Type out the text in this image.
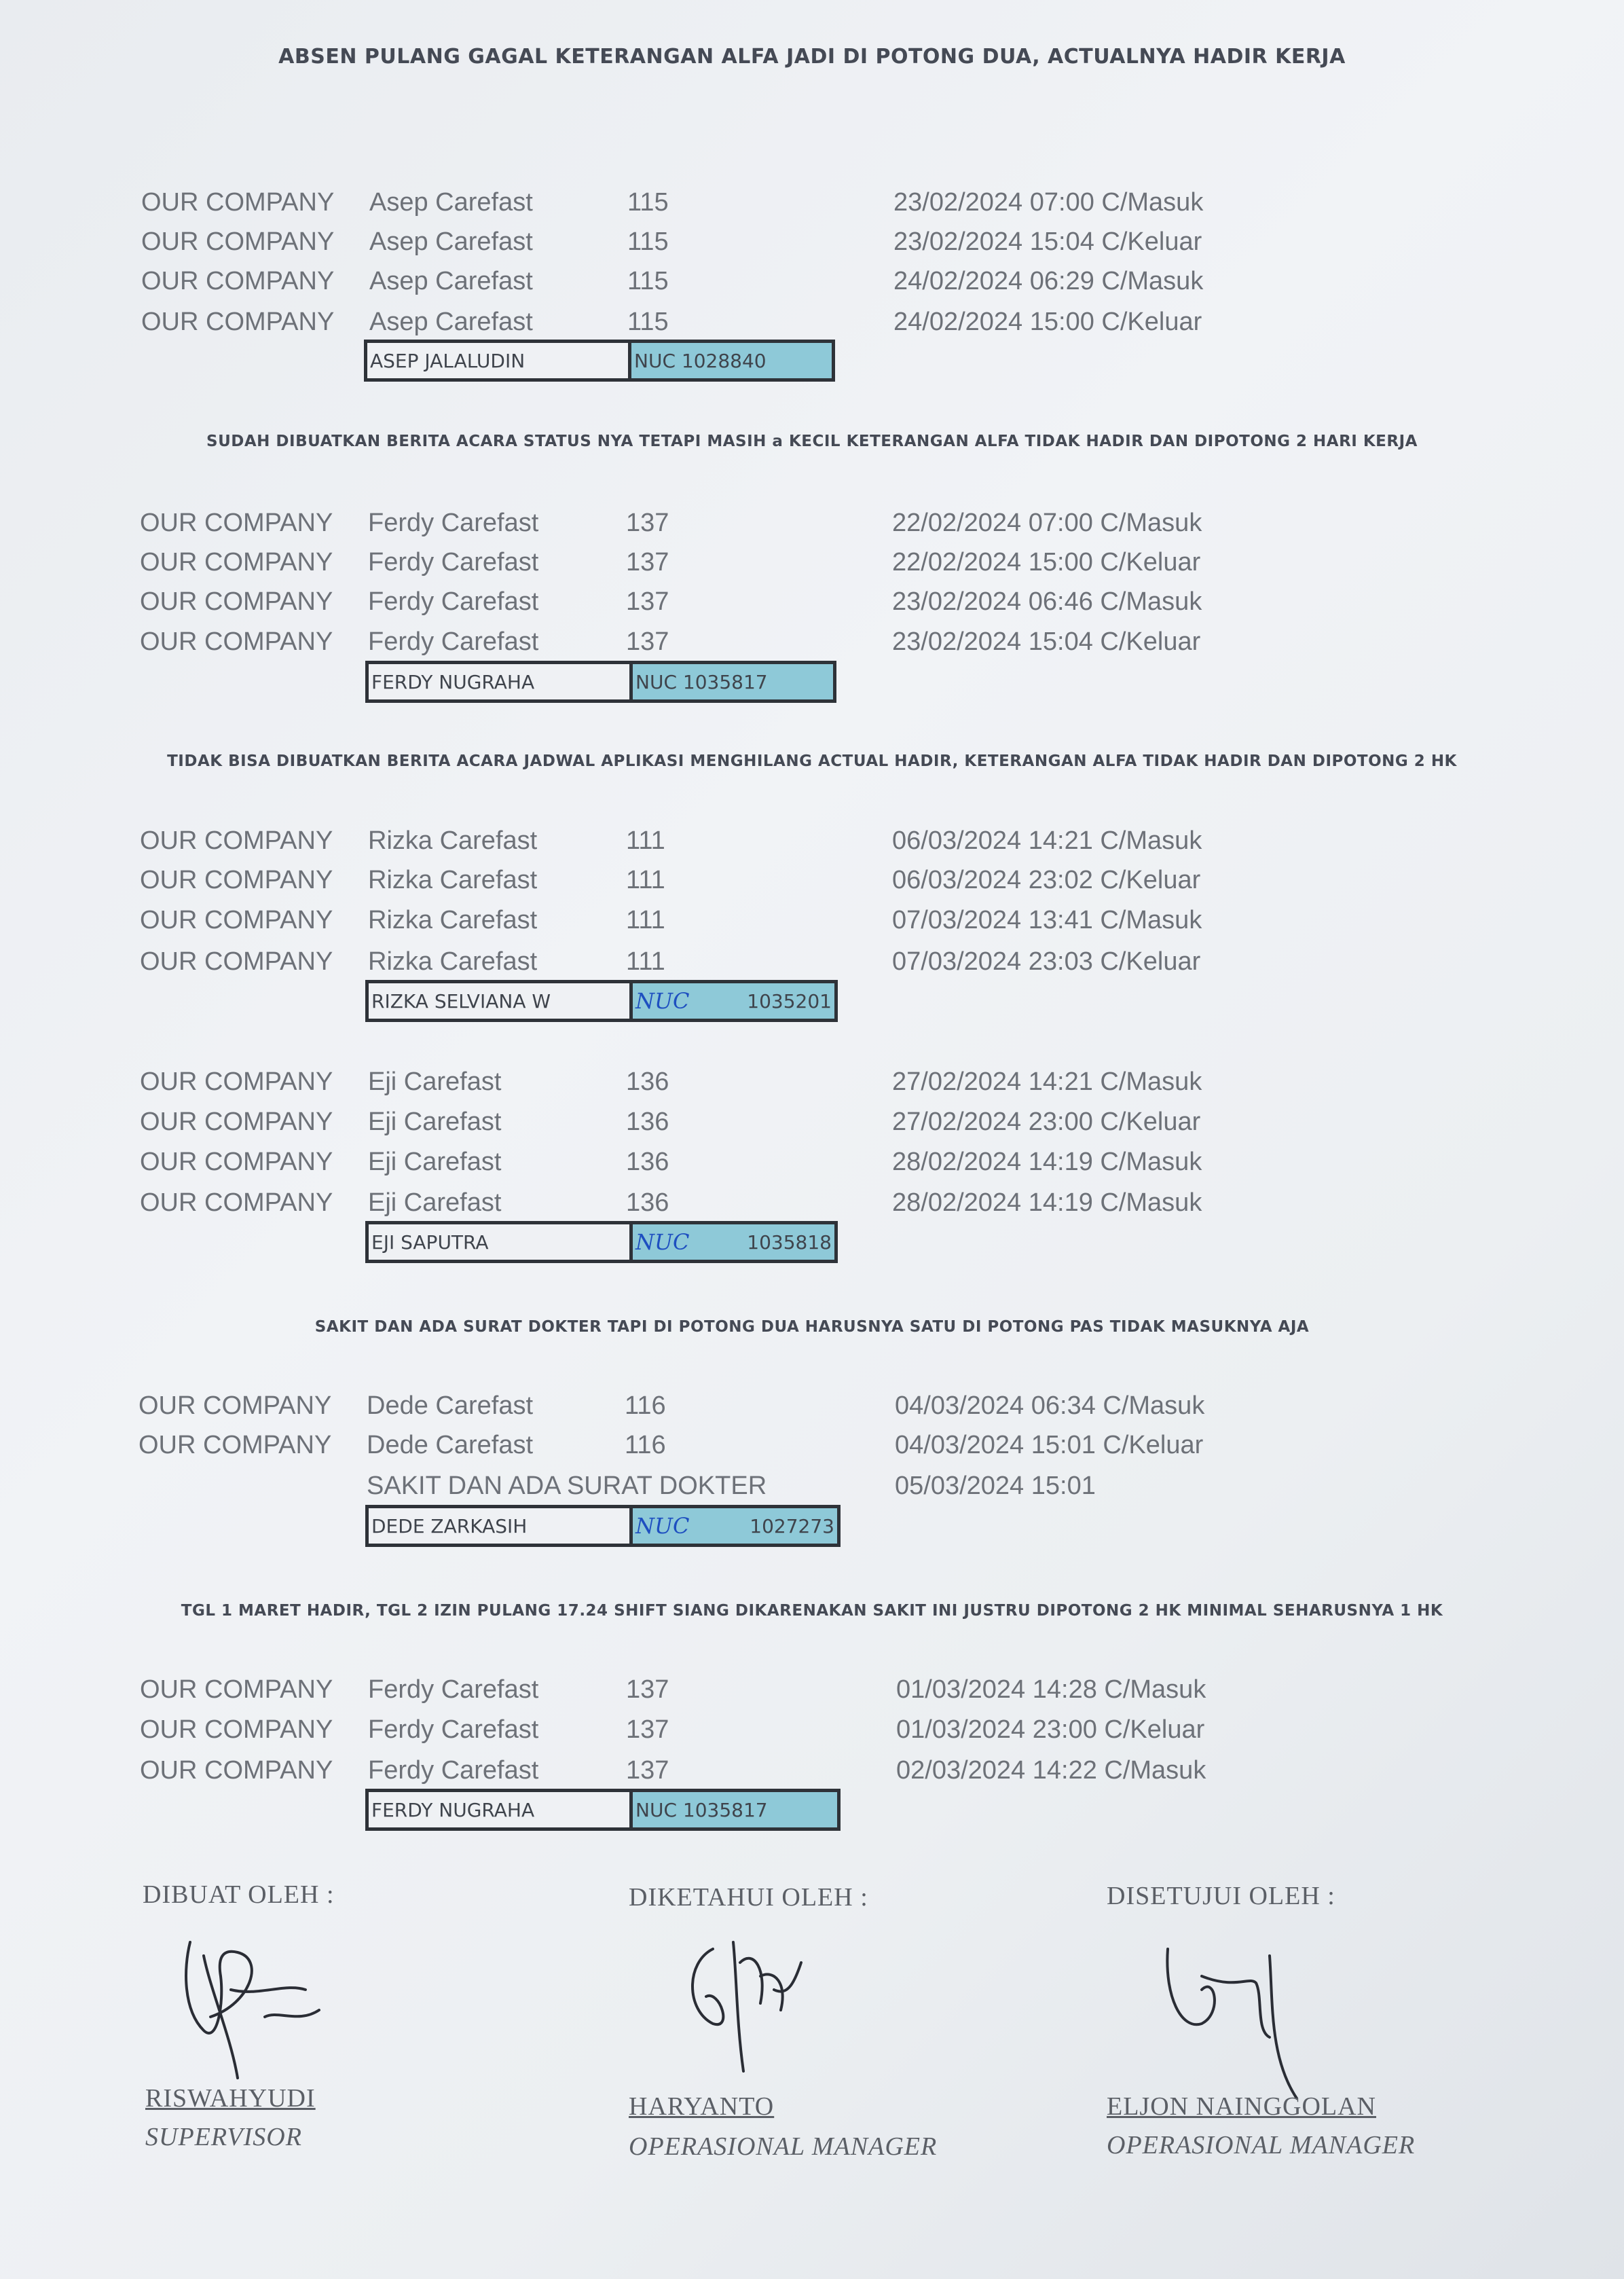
ABSEN PULANG GAGAL KETERANGAN ALFA JADI DI POTONG DUA, ACTUALNYA HADIR KERJA
OUR COMPANY Asep Carefast	115	23/02/2024 07:00 C/Masuk
OUR COMPANY Asep Carefast	115	23/02/2024 15:04 C/Keluar
OUR COMPANY Asep Carefast	115	24/02/2024 06:29 C/Masuk
OUR COMPANY Asep Carefast	115	24/02/2024 15:00 C/Keluar
ASEP JALALUDIN	NUC 1028840
SUDAH DIBUATKAN BERITA ACARA STATUS NYA TETAPI MASIH a KECIL KETERANGAN ALFA TIDAK HADIR DAN DIPOTONG 2 HARI KERJA
OUR COMPANY Ferdy Carefast	137	22/02/2024 07:00 C/Masuk
OUR COMPANY Ferdy Carefast	137	22/02/2024 15:00 C/Keluar
OUR COMPANY Ferdy Carefast	137	23/02/2024 06:46 C/Masuk
OUR COMPANY Ferdy Carefast	137	23/02/2024 15:04 C/Keluar
FERDY NUGRAHA	NUC 1035817
TIDAK BISA DIBUATKAN BERITA ACARA JADWAL APLIKASI MENGHILANG ACTUAL HADIR, KETERANGAN ALFA TIDAK HADIR DAN DIPOTONG 2 HK
OUR COMPANY Rizka Carefast	111	06/03/2024 14:21 C/Masuk
OUR COMPANY Rizka Carefast	111	06/03/2024 23:02 C/Keluar
OUR COMPANY Rizka Carefast	111	07/03/2024 13:41 C/Masuk
OUR COMPANY Rizka Carefast	111	07/03/2024 23:03 C/Keluar
RIZKA SELVIANA W	NUC	1035201
OUR COMPANY Eji Carefast	136	27/02/2024 14:21 C/Masuk
OUR COMPANY Eji Carefast	136	27/02/2024 23:00 C/Keluar
OUR COMPANY Eji Carefast	136	28/02/2024 14:19 C/Masuk
OUR COMPANY Eji Carefast	136	28/02/2024 14:19 C/Masuk
EJI SAPUTRA	NUC	1035818
SAKIT DAN ADA SURAT DOKTER TAPI DI POTONG DUA HARUSNYA SATU DI POTONG PAS TIDAK MASUKNYA AJA
OUR COMPANY Dede Carefast	116	04/03/2024 06:34 C/Masuk
OUR COMPANY Dede Carefast	116	04/03/2024 15:01 C/Keluar
SAKIT DAN ADA SURAT DOKTER	05/03/2024 15:01
DEDE ZARKASIH	NUC	1027273
TGL 1 MARET HADIR, TGL 2 IZIN PULANG 17.24 SHIFT SIANG DIKARENAKAN SAKIT INI JUSTRU DIPOTONG 2 HK MINIMAL SEHARUSNYA 1 HK
OUR COMPANY Ferdy Carefast	137	01/03/2024 14:28 C/Masuk
OUR COMPANY Ferdy Carefast	137	01/03/2024 23:00 C/Keluar
OUR COMPANY Ferdy Carefast	137	02/03/2024 14:22 C/Masuk
FERDY NUGRAHA	NUC 1035817
DIBUAT OLEH :	DIKETAHUI OLEH :	DISETUJUI OLEH :
RISWAHYUDI
SUPERVISOR
HARYANTO
OPERASIONAL MANAGER
ELJON NAINGGOLAN
OPERASIONAL MANAGER
